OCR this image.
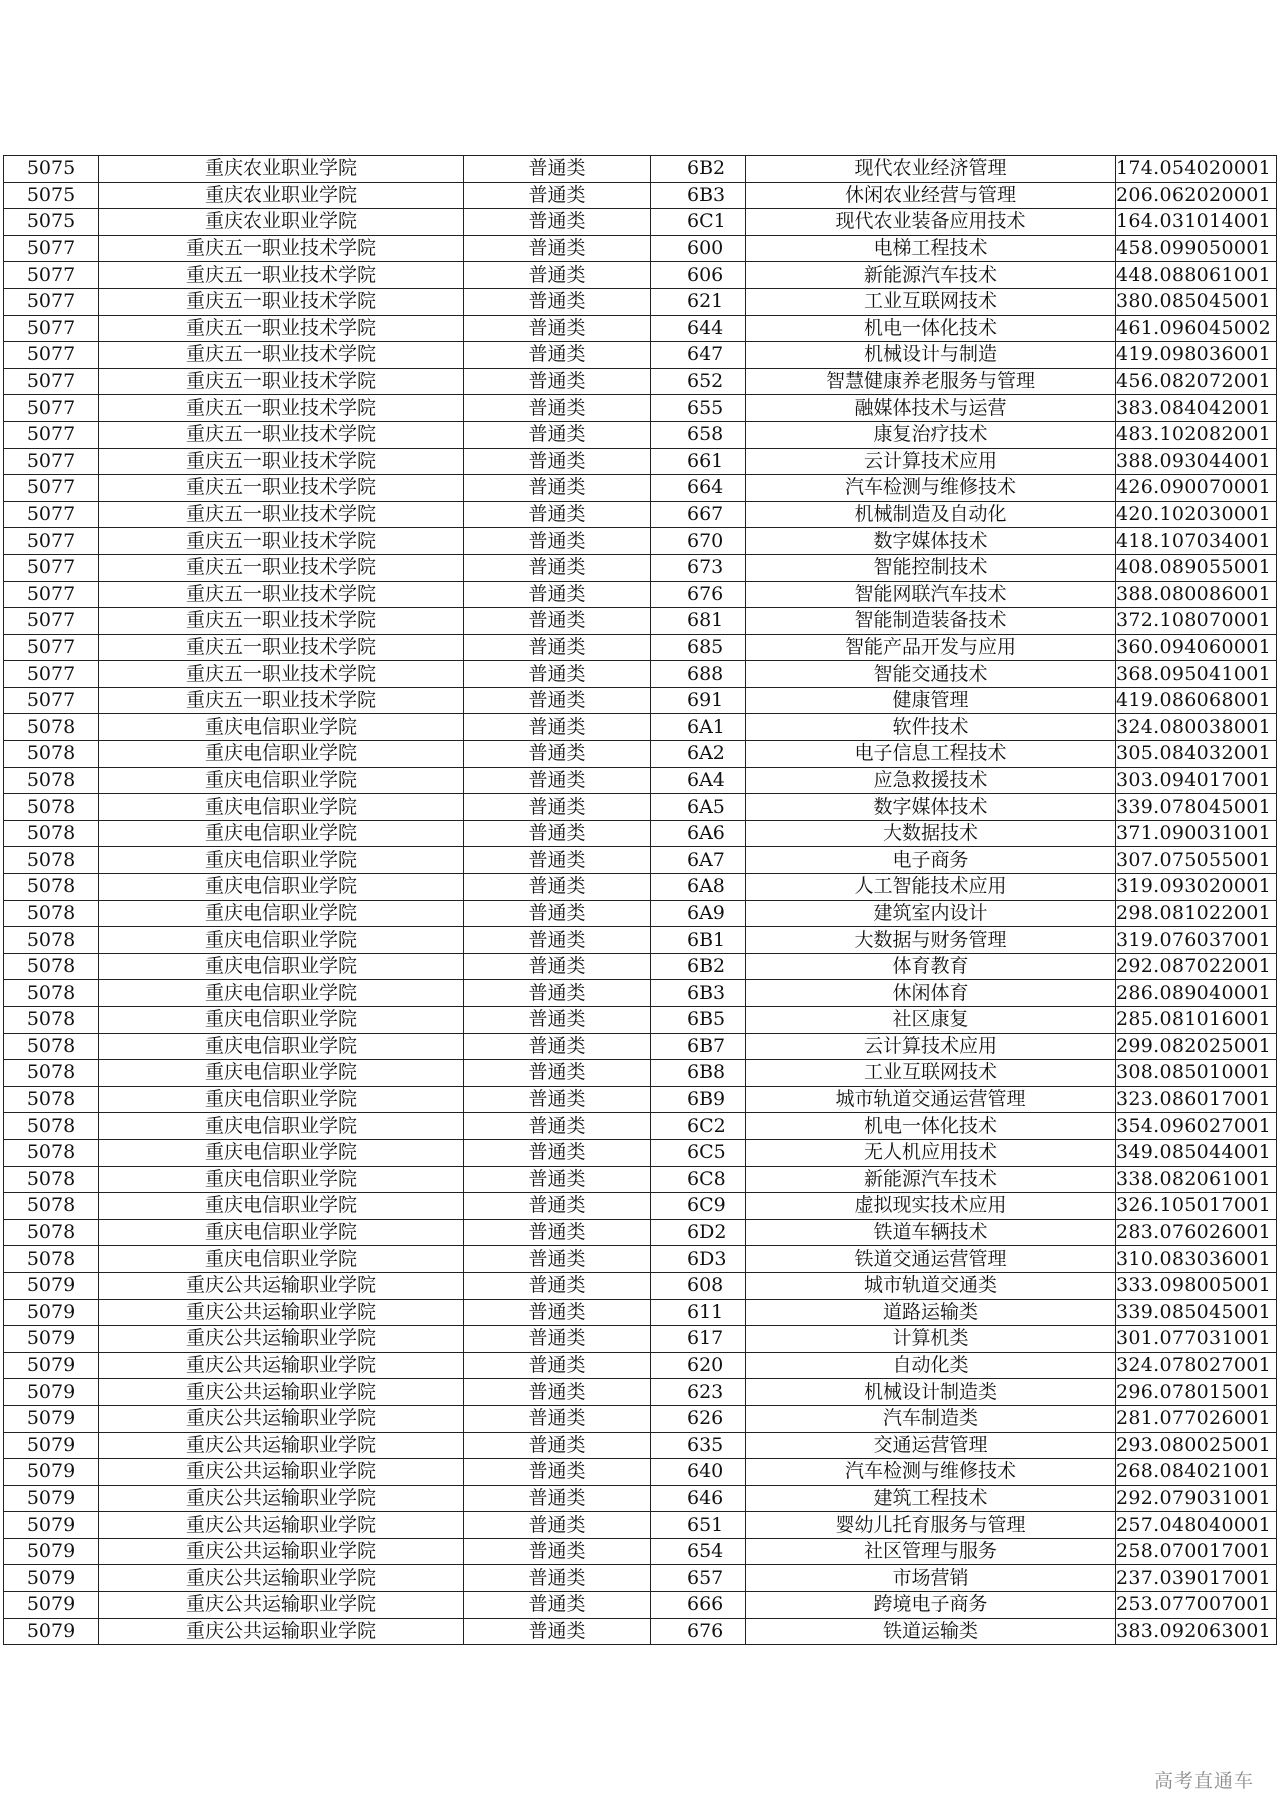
5075	重庆农业职业学院	普通类	6B2	现代农业经济管理	174.054020001
5075	重庆农业职业学院	普通类	6B3	休闲农业经营与管理	206.062020001
5075	重庆农业职业学院	普通类	6C1	现代农业装备应用技术	164.031014001
5077	重庆五一职业技术学院	普通类	600	电梯工程技术	458.099050001
5077	重庆五一职业技术学院	普通类	606	新能源汽车技术	448.088061001
5077	重庆五一职业技术学院	普通类	621	工业互联网技术	380.085045001
5077	重庆五一职业技术学院	普通类	644	机电一体化技术	461.096045002
5077	重庆五一职业技术学院	普通类	647	机械设计与制造	419.098036001
5077	重庆五一职业技术学院	普通类	652	智慧健康养老服务与管理	456.082072001
5077	重庆五一职业技术学院	普通类	655	融媒体技术与运营	383.084042001
5077	重庆五一职业技术学院	普通类	658	康复治疗技术	483.102082001
5077	重庆五一职业技术学院	普通类	661	云计算技术应用	388.093044001
5077	重庆五一职业技术学院	普通类	664	汽车检测与维修技术	426.090070001
5077	重庆五一职业技术学院	普通类	667	机械制造及自动化	420.102030001
5077	重庆五一职业技术学院	普通类	670	数字媒体技术	418.107034001
5077	重庆五一职业技术学院	普通类	673	智能控制技术	408.089055001
5077	重庆五一职业技术学院	普通类	676	智能网联汽车技术	388.080086001
5077	重庆五一职业技术学院	普通类	681	智能制造装备技术	372.108070001
5077	重庆五一职业技术学院	普通类	685	智能产品开发与应用	360.094060001
5077	重庆五一职业技术学院	普通类	688	智能交通技术	368.095041001
5077	重庆五一职业技术学院	普通类	691	健康管理	419.086068001
5078	重庆电信职业学院	普通类	6A1	软件技术	324.080038001
5078	重庆电信职业学院	普通类	6A2	电子信息工程技术	305.084032001
5078	重庆电信职业学院	普通类	6A4	应急救援技术	303.094017001
5078	重庆电信职业学院	普通类	6A5	数字媒体技术	339.078045001
5078	重庆电信职业学院	普通类	6A6	大数据技术	371.090031001
5078	重庆电信职业学院	普通类	6A7	电子商务	307.075055001
5078	重庆电信职业学院	普通类	6A8	人工智能技术应用	319.093020001
5078	重庆电信职业学院	普通类	6A9	建筑室内设计	298.081022001
5078	重庆电信职业学院	普通类	6B1	大数据与财务管理	319.076037001
5078	重庆电信职业学院	普通类	6B2	体育教育	292.087022001
5078	重庆电信职业学院	普通类	6B3	休闲体育	286.089040001
5078	重庆电信职业学院	普通类	6B5	社区康复	285.081016001
5078	重庆电信职业学院	普通类	6B7	云计算技术应用	299.082025001
5078	重庆电信职业学院	普通类	6B8	工业互联网技术	308.085010001
5078	重庆电信职业学院	普通类	6B9	城市轨道交通运营管理	323.086017001
5078	重庆电信职业学院	普通类	6C2	机电一体化技术	354.096027001
5078	重庆电信职业学院	普通类	6C5	无人机应用技术	349.085044001
5078	重庆电信职业学院	普通类	6C8	新能源汽车技术	338.082061001
5078	重庆电信职业学院	普通类	6C9	虚拟现实技术应用	326.105017001
5078	重庆电信职业学院	普通类	6D2	铁道车辆技术	283.076026001
5078	重庆电信职业学院	普通类	6D3	铁道交通运营管理	310.083036001
5079	重庆公共运输职业学院	普通类	608	城市轨道交通类	333.098005001
5079	重庆公共运输职业学院	普通类	611	道路运输类	339.085045001
5079	重庆公共运输职业学院	普通类	617	计算机类	301.077031001
5079	重庆公共运输职业学院	普通类	620	自动化类	324.078027001
5079	重庆公共运输职业学院	普通类	623	机械设计制造类	296.078015001
5079	重庆公共运输职业学院	普通类	626	汽车制造类	281.077026001
5079	重庆公共运输职业学院	普通类	635	交通运营管理	293.080025001
5079	重庆公共运输职业学院	普通类	640	汽车检测与维修技术	268.084021001
5079	重庆公共运输职业学院	普通类	646	建筑工程技术	292.079031001
5079	重庆公共运输职业学院	普通类	651	婴幼儿托育服务与管理	257.048040001
5079	重庆公共运输职业学院	普通类	654	社区管理与服务	258.070017001
5079	重庆公共运输职业学院	普通类	657	市场营销	237.039017001
5079	重庆公共运输职业学院	普通类	666	跨境电子商务	253.077007001
5079	重庆公共运输职业学院	普通类	676	铁道运输类	383.092063001
高考直通车
